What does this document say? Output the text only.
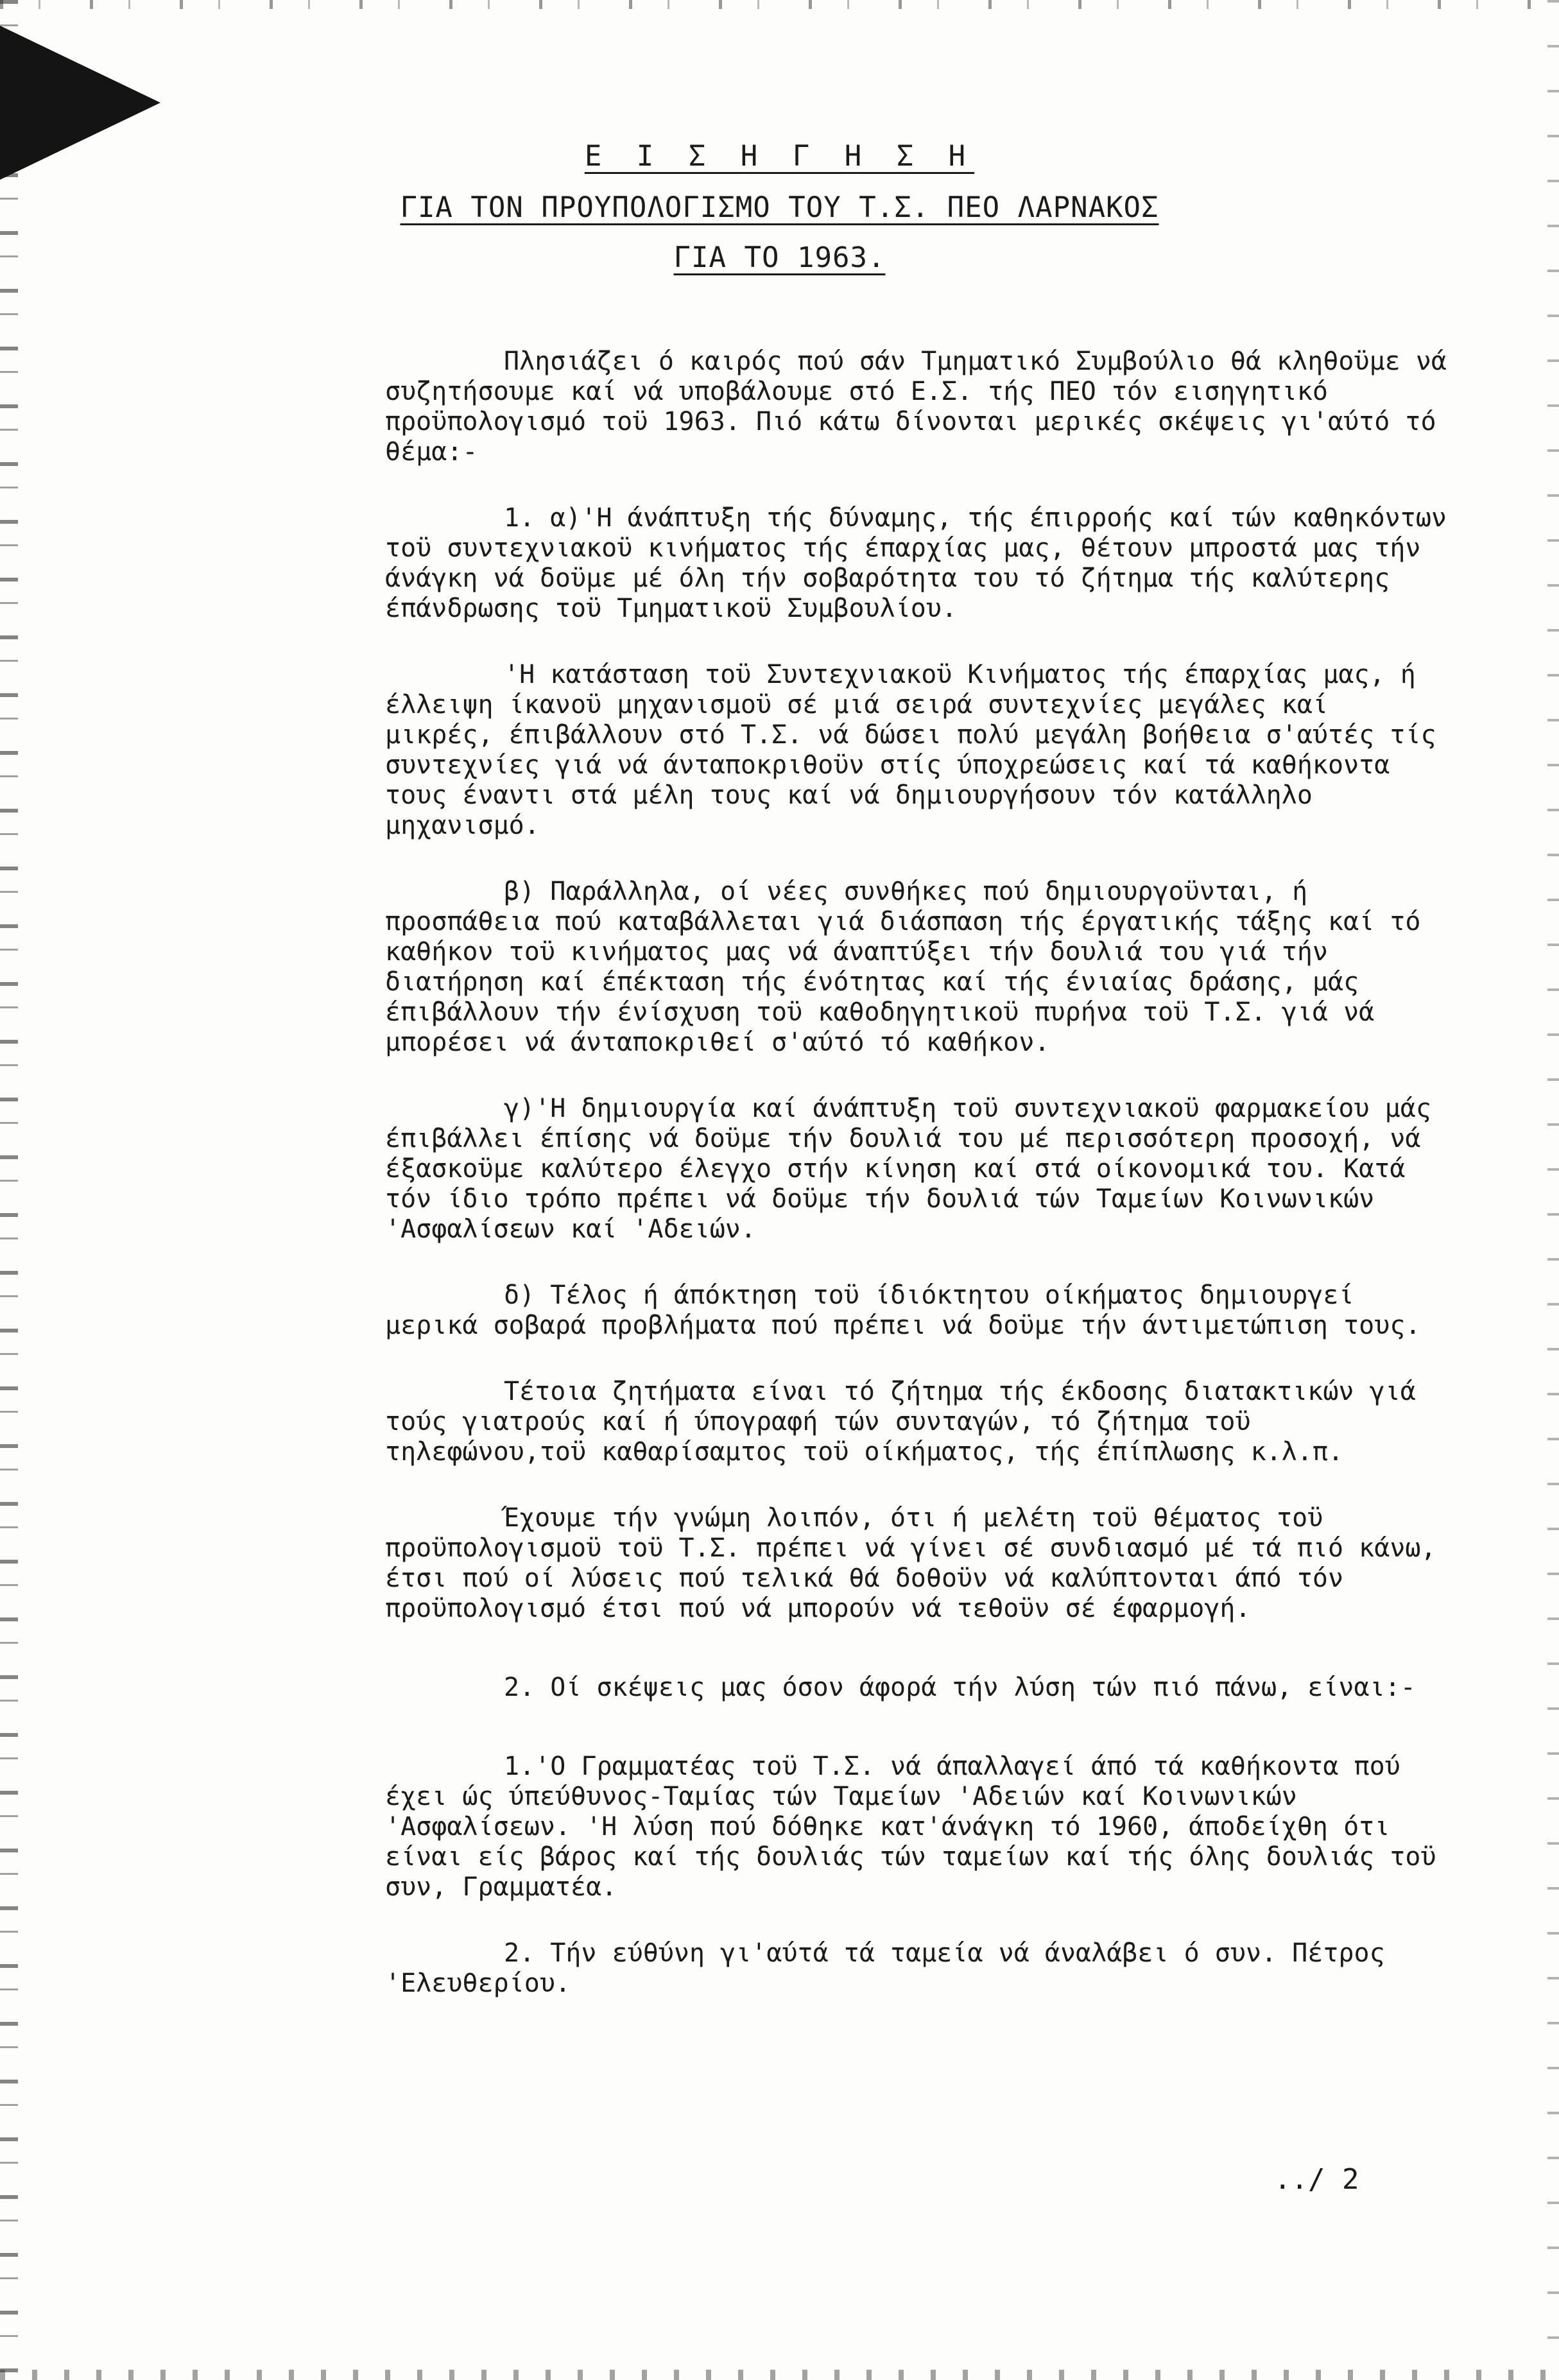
Ε Ι Σ Η Γ Η Σ Η
ΓΙΑ ΤΟΝ ΠΡΟΥΠΟΛΟΓΙΣΜΟ ΤΟΥ Τ.Σ. ΠΕΟ ΛΑΡΝΑΚΟΣ
ΓΙΑ ΤΟ 1963.

Πλησιάζει ό καιρός πού σάν Τμηματικό Συμβούλιο θά κληθοϋμε νά συζητήσουμε καί νά υποβάλουμε στό Ε.Σ. τής ΠΕΟ τόν εισηγητικό προϋπολογισμό τοϋ 1963. Πιό κάτω δίνονται μερικές σκέψεις γι'αύτό τό θέμα:-

1. α)'Η άνάπτυξη τής δύναμης, τής έπιρροής καί τών καθηκόντων τοϋ συντεχνιακοϋ κινήματος τής έπαρχίας μας, θέτουν μπροστά μας τήν άνάγκη νά δοϋμε μέ όλη τήν σοβαρότητα του τό ζήτημα τής καλύτερης έπάνδρωσης τοϋ Τμηματικοϋ Συμβουλίου.

'Η κατάσταση τοϋ Συντεχνιακοϋ Κινήματος τής έπαρχίας μας, ή έλλειψη ίκανοϋ μηχανισμοϋ σέ μιά σειρά συντεχνίες μεγάλες καί μικρές, έπιβάλλουν στό Τ.Σ. νά δώσει πολύ μεγάλη βοήθεια σ'αύτές τίς συντεχνίες γιά νά άνταποκριθοϋν στίς ύποχρεώσεις καί τά καθήκοντα τους έναντι στά μέλη τους καί νά δημιουργήσουν τόν κατάλληλο μηχανισμό.

β) Παράλληλα, οί νέες συνθήκες πού δημιουργοϋνται, ή προσπάθεια πού καταβάλλεται γιά διάσπαση τής έργατικής τάξης καί τό καθήκον τοϋ κινήματος μας νά άναπτύξει τήν δουλιά του γιά τήν διατήρηση καί έπέκταση τής ένότητας καί τής ένιαίας δράσης, μάς έπιβάλλουν τήν ένίσχυση τοϋ καθοδηγητικοϋ πυρήνα τοϋ Τ.Σ. γιά νά μπορέσει νά άνταποκριθεί σ'αύτό τό καθήκον.

γ)'Η δημιουργία καί άνάπτυξη τοϋ συντεχνιακοϋ φαρμακείου μάς έπιβάλλει έπίσης νά δοϋμε τήν δουλιά του μέ περισσότερη προσοχή, νά έξασκοϋμε καλύτερο έλεγχο στήν κίνηση καί στά οίκονομικά του. Κατά τόν ίδιο τρόπο πρέπει νά δοϋμε τήν δουλιά τών Ταμείων Κοινωνικών 'Ασφαλίσεων καί 'Αδειών.

δ) Τέλος ή άπόκτηση τοϋ ίδιόκτητου οίκήματος δημιουργεί μερικά σοβαρά προβλήματα πού πρέπει νά δοϋμε τήν άντιμετώπιση τους.

Τέτοια ζητήματα είναι τό ζήτημα τής έκδοσης διατακτικών γιά τούς γιατρούς καί ή ύπογραφή τών συνταγών, τό ζήτημα τοϋ τηλεφώνου,τοϋ καθαρίσαμτος τοϋ οίκήματος, τής έπίπλωσης κ.λ.π.

Έχουμε τήν γνώμη λοιπόν, ότι ή μελέτη τοϋ θέματος τοϋ προϋπολογισμοϋ τοϋ Τ.Σ. πρέπει νά γίνει σέ συνδιασμό μέ τά πιό κάνω, έτσι πού οί λύσεις πού τελικά θά δοθοϋν νά καλύπτονται άπό τόν προϋπολογισμό έτσι πού νά μπορούν νά τεθοϋν σέ έφαρμογή.

2. Οί σκέψεις μας όσον άφορά τήν λύση τών πιό πάνω, είναι:-

1.'Ο Γραμματέας τοϋ Τ.Σ. νά άπαλλαγεί άπό τά καθήκοντα πού έχει ώς ύπεύθυνος-Ταμίας τών Ταμείων 'Αδειών καί Κοινωνικών 'Ασφαλίσεων. 'Η λύση πού δόθηκε κατ'άνάγκη τό 1960, άποδείχθη ότι είναι είς βάρος καί τής δουλιάς τών ταμείων καί τής όλης δουλιάς τοϋ συν, Γραμματέα.

2. Τήν εύθύνη γι'αύτά τά ταμεία νά άναλάβει ό συν. Πέτρος 'Ελευθερίου.

../ 2
